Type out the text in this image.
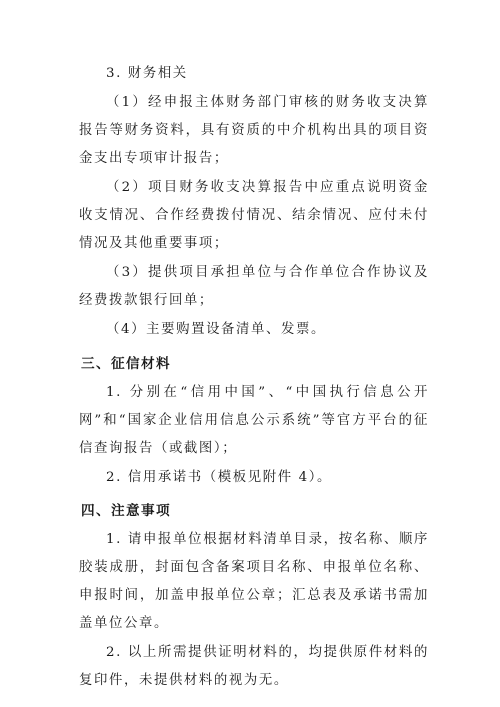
3. 财务相关

（1）经申报主体财务部门审核的财务收支决算报告等财务资料，具有资质的中介机构出具的项目资金支出专项审计报告；

（2）项目财务收支决算报告中应重点说明资金收支情况、合作经费拨付情况、结余情况、应付未付情况及其他重要事项；

（3）提供项目承担单位与合作单位合作协议及经费拨款银行回单；

（4）主要购置设备清单、发票。

三、征信材料

1. 分别在“信用中国”、“中国执行信息公开网”和“国家企业信用信息公示系统”等官方平台的征信查询报告（或截图）；

2. 信用承诺书（模板见附件 4）。

四、注意事项

1. 请申报单位根据材料清单目录，按名称、顺序胶装成册，封面包含备案项目名称、申报单位名称、申报时间，加盖申报单位公章；汇总表及承诺书需加盖单位公章。

2. 以上所需提供证明材料的，均提供原件材料的复印件，未提供材料的视为无。
